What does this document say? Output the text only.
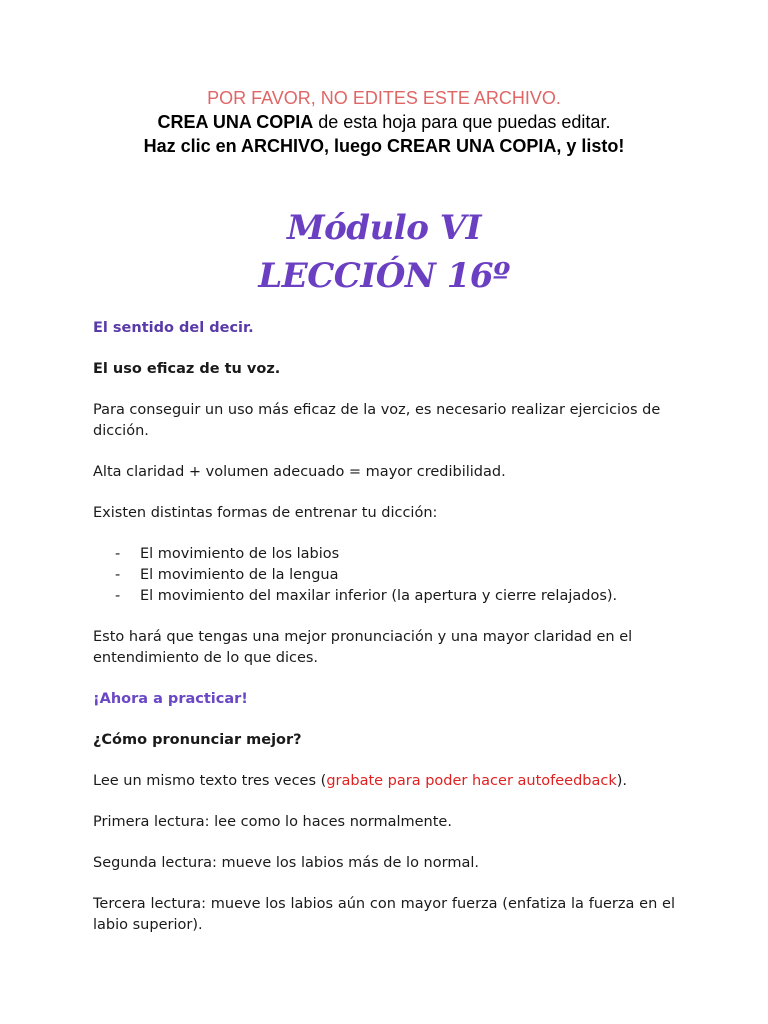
POR FAVOR, NO EDITES ESTE ARCHIVO.
CREA UNA COPIA de esta hoja para que puedas editar.
Haz clic en ARCHIVO, luego CREAR UNA COPIA, y listo!
Módulo VI
LECCIÓN 16º

El sentido del decir.

El uso eficaz de tu voz.

Para conseguir un uso más eficaz de la voz, es necesario realizar ejercicios de dicción.

Alta claridad + volumen adecuado = mayor credibilidad.

Existen distintas formas de entrenar tu dicción:

- El movimiento de los labios
- El movimiento de la lengua
- El movimiento del maxilar inferior (la apertura y cierre relajados).

Esto hará que tengas una mejor pronunciación y una mayor claridad en el entendimiento de lo que dices.

¡Ahora a practicar!

¿Cómo pronunciar mejor?

Lee un mismo texto tres veces (grabate para poder hacer autofeedback).

Primera lectura: lee como lo haces normalmente.

Segunda lectura: mueve los labios más de lo normal.

Tercera lectura: mueve los labios aún con mayor fuerza (enfatiza la fuerza en el labio superior).
